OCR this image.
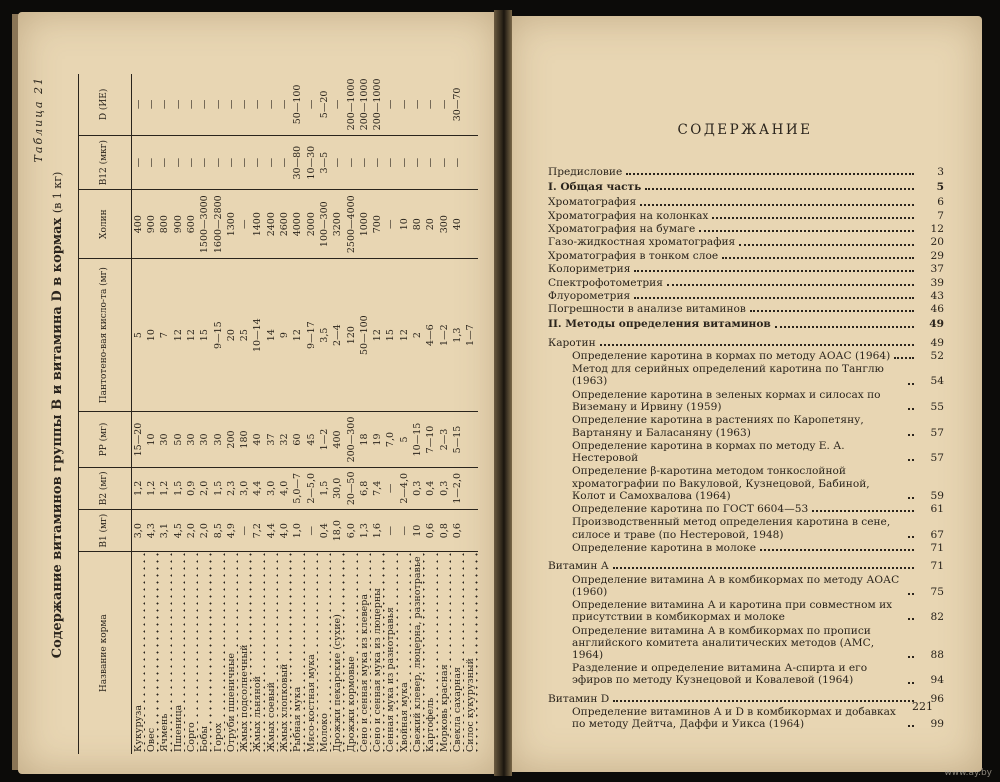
СОДЕРЖАНИЕ
Предисловие	3
I. Общая часть	5
Хроматография	6
Хроматография на колонках	7
Хроматография на бумаге	12
Газо-жидкостная хроматография	20
Хроматография в тонком слое	29
Колориметрия	37
Спектрофотометрия	39
Флуорометрия	43
Погрешности в анализе витаминов	46
II. Методы определения витаминов	49
Каротин	49
Определение каротина в кормах по методу АОАС (1964)	52
Метод для серийных определений каротина по Танглю (1963)	54
Определение каротина в зеленых кормах и силосах по Виземану и Ирвину (1959)	55
Определение каротина в растениях по Каропетяну, Вартаняну и Баласаняну (1963)	57
Определение каротина в кормах по методу Е. А. Нестеровой	57
Определение β-каротина методом тонкослойной хроматографии по Вакуловой, Кузнецовой, Бабиной, Колот и Самохвалова (1964)	59
Определение каротина по ГОСТ 6604—53	61
Производственный метод определения каротина в сене, силосе и траве (по Нестеровой, 1948)	67
Определение каротина в молоке	71
Витамин А	71
Определение витамина А в комбикормах по методу АОАС (1960)	75
Определение витамина А и каротина при совместном их присутствии в комбикормах и молоке	82
Определение витамина А в комбикормах по прописи английского комитета аналитических методов (АМС, 1964)	88
Разделение и определение витамина А-спирта и его эфиров по методу Кузнецовой и Ковалевой (1964)	94
Витамин D	96
Определение витаминов А и D в комбикормах и добавках по методу Дейтча, Даффи и Уикса (1964)	99
221
Таблица 21
Содержание витаминов группы В и витамина D в кормах (в 1 кг)
Название корма	B1 (мг)	B2 (мг)	PP (мг)	Пантотено-вая кисло-та (мг)	Холин	B12 (мкг)	D (ИЕ)
Кукуруза	3,0	1,2	15—20	5	400	—	—
Овес	4,3	1,2	10	10	900	—	—
Ячмень	3,1	1,2	30	7	800	—	—
Пшеница	4,5	1,5	50	12	900	—	—
Сорго	2,0	0,9	30	12	600	—	—
Бобы	2,0	2,0	30	15	1500—3000	—	—
Горох	8,5	1,5	30	9—15	1600—2800	—	—
Отруби пшеничные	4,9	2,3	200	20	1300	—	—
Жмых подсолнечный	—	3,0	180	25	—	—	—
Жмых льняной	7,2	4,4	40	10—14	1400	—	—
Жмых соевый	4,4	3,0	37	14	2400	—	—
Жмых хлопковый	4,0	4,0	32	9	2600	—	—
Рыбная мука	1,0	5,0—7	60	12	4000	30—80	50—100
Мясо-костная мука	—	2—5,0	45	9—17	2000	10—30	—
Молоко	0,4	1,5	1—2	3,5	100—300	3—5	5—20
Дрожжи пекарские (сухие)	18,0	30,0	400	2—4	3200	—	—
Дрожжи кормовые	6,0	20—50	200—300	120	2500—4000	—	200—1000
Сено и сенная мука из клевера	1,3	6,8	18	50—100	1000	—	200—1000
Сено и сенная мука из люцерны	1,6	7,4	19	12	700	—	200—1000
Сенная мука из разнотравья	—	—	7,0	15	—	—	—
Хвойная мука	—	2—4,0	5	12	10	—	—
Свежий клевер, люцерна, разнотравье	10	0,3	10—15	2	80	—	—
Картофель	0,6	0,4	7—10	4—6	20	—	—
Морковь красная	0,8	0,3	2—3	1—2	300	—	—
Свекла сахарная	0,6	1—2,0	5—15	1,3	40	—	30—70
Силос кукурузный				1—7			
www.ay.by
